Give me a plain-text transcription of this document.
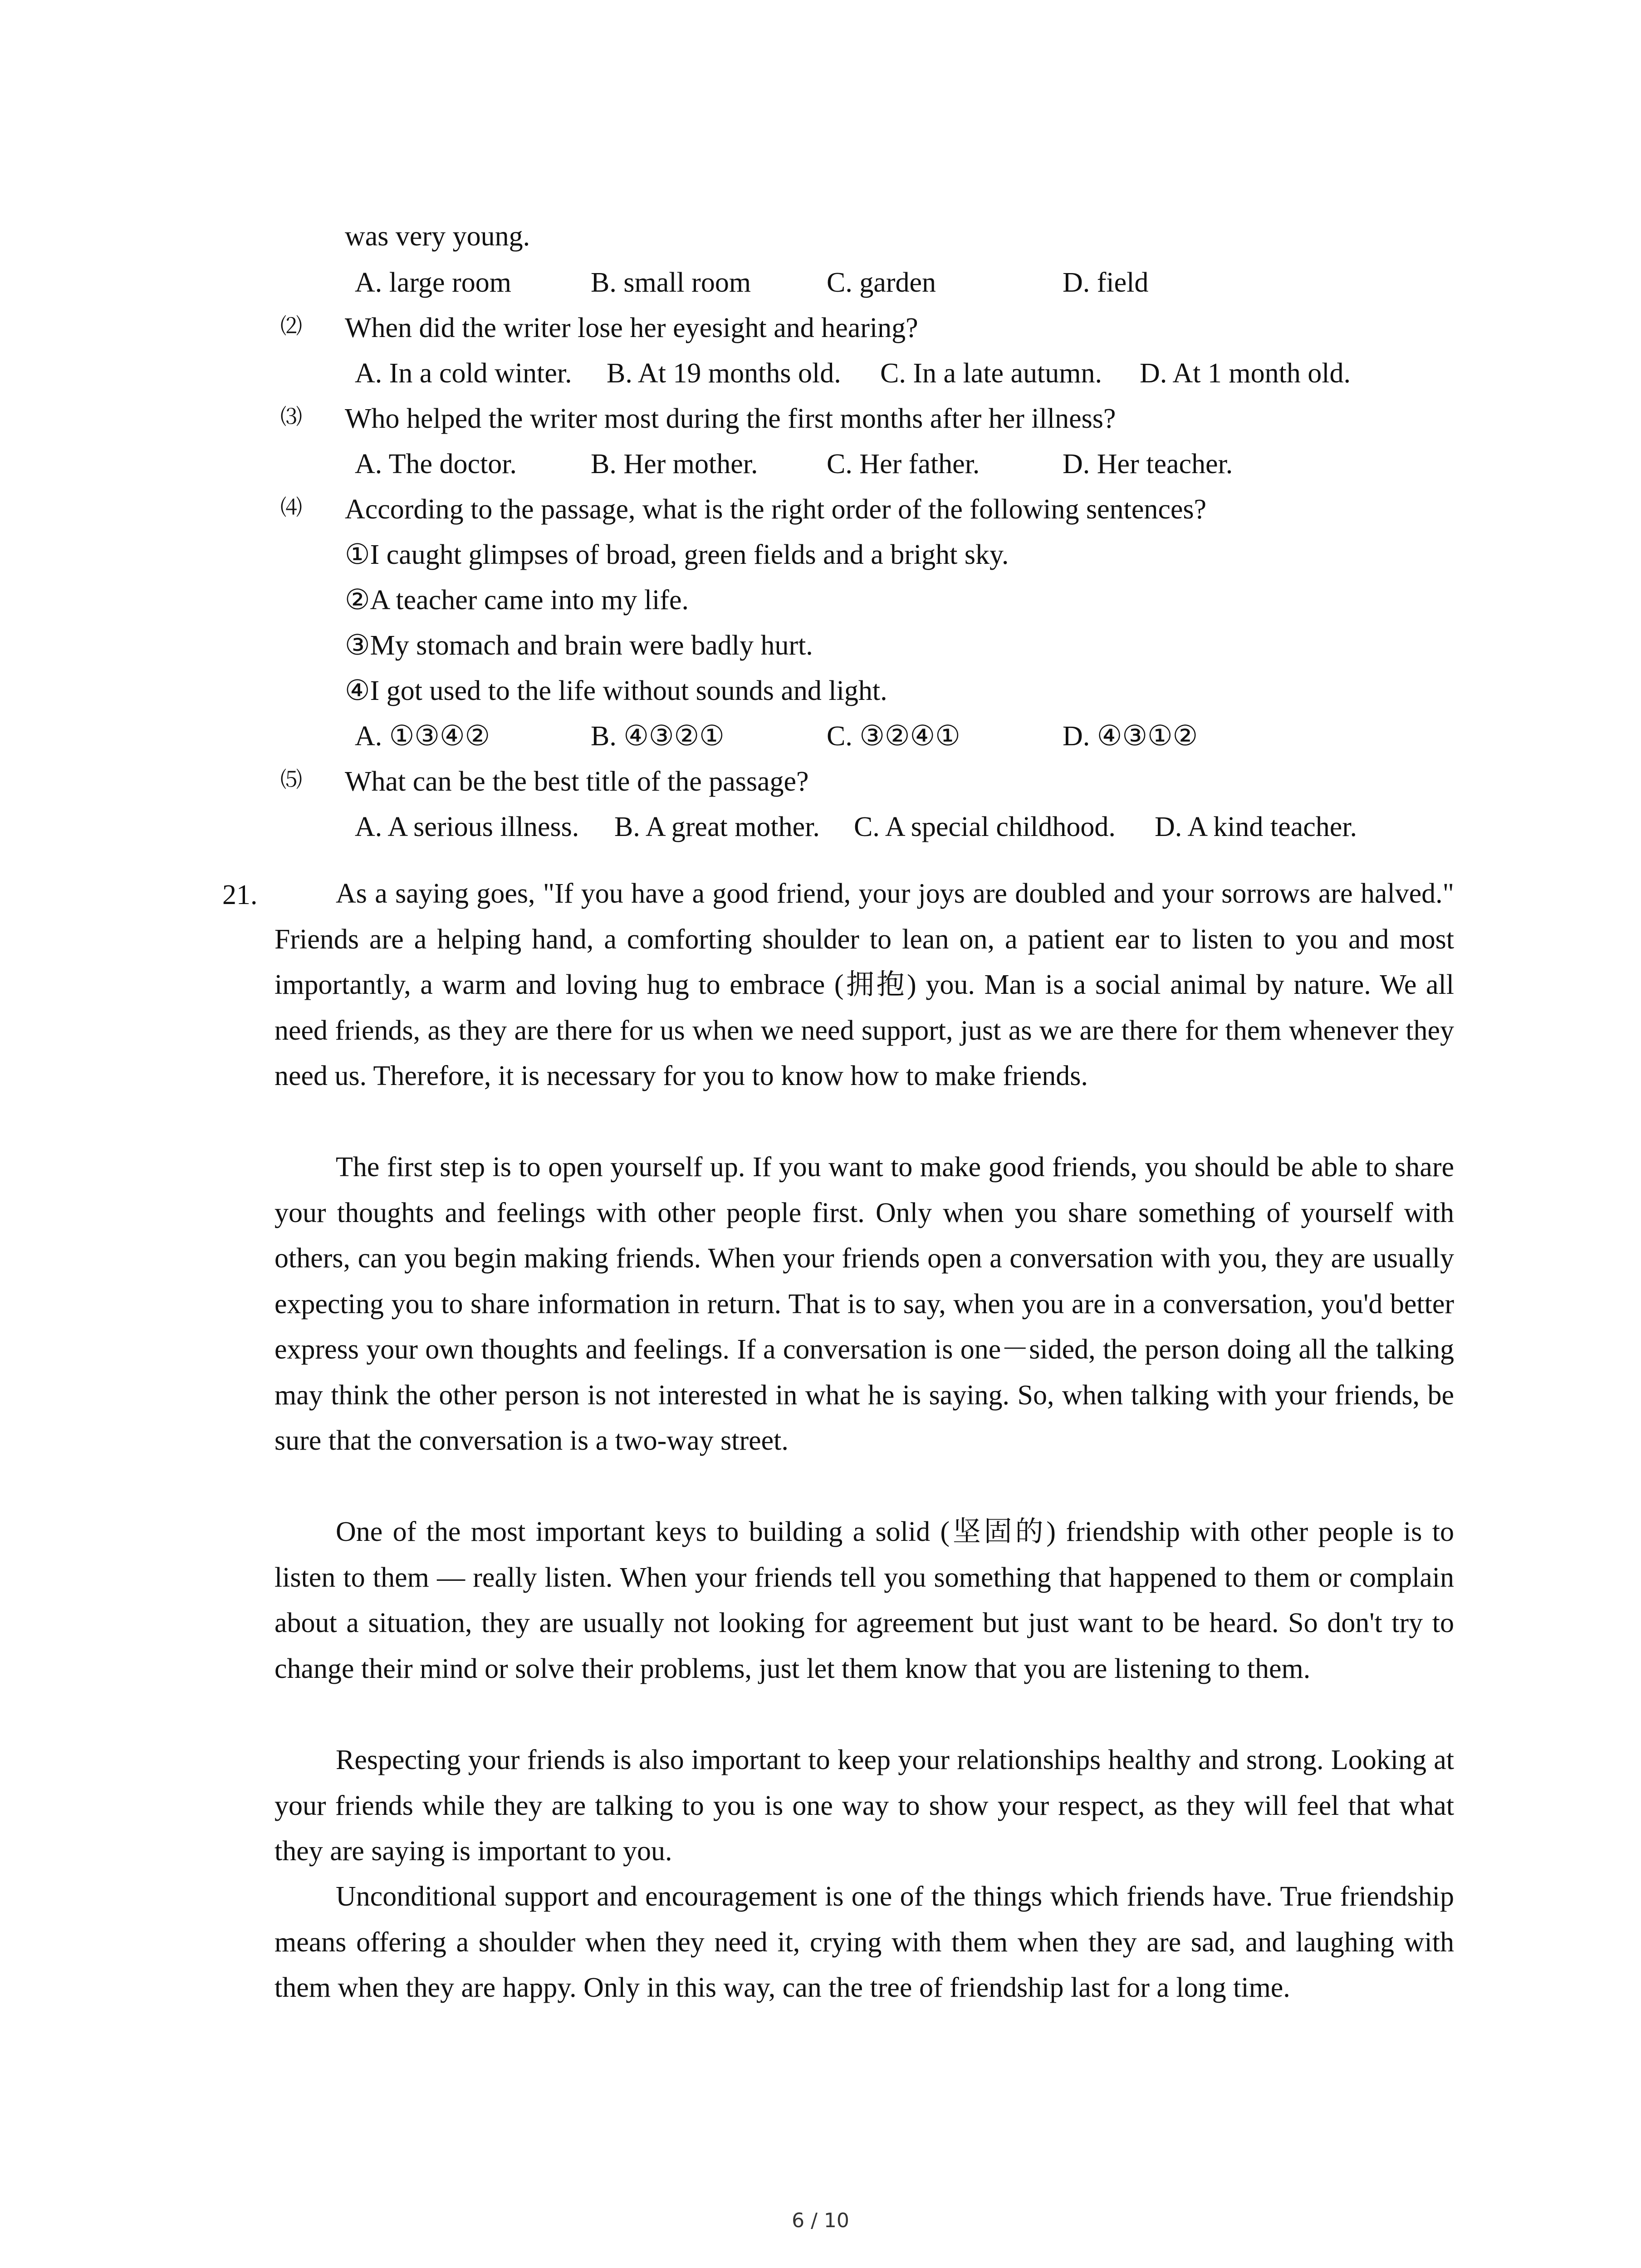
was very young.
A. large room	B. small room	C. garden	D. field
⑵ When did the writer lose her eyesight and hearing?
A. In a cold winter. B. At 19 months old. C. In a late autumn. D. At 1 month old.
⑶ Who helped the writer most during the first months after her illness?
A. The doctor.	B. Her mother. C. Her father.	D. Her teacher.
⑷ According to the passage, what is the right order of the following sentences?
①I caught glimpses of broad, green fields and a bright sky.
②A teacher came into my life.
③My stomach and brain were badly hurt.
④I got used to the life without sounds and light.
A. ①③④②	B. ④③②①	C. ③②④①	D. ④③①②
⑸ What can be the best title of the passage?
A. A serious illness. B. A great mother. C. A special childhood. D. A kind teacher.
21.	As a saying goes, "If you have a good friend, your joys are doubled and your sorrows are halved." Friends are a helping hand, a comforting shoulder to lean on, a patient ear to listen to you and most importantly, a warm and loving hug to embrace (拥抱) you. Man is a social animal by nature. We all need friends, as they are there for us when we need support, just as we are there for them whenever they need us. Therefore, it is necessary for you to know how to make friends.
The first step is to open yourself up. If you want to make good friends, you should be able to share your thoughts and feelings with other people first. Only when you share something of yourself with others, can you begin making friends. When your friends open a conversation with you, they are usually expecting you to share information in return. That is to say, when you are in a conversation, you'd better express your own thoughts and feelings. If a conversation is one－sided, the person doing all the talking may think the other person is not interested in what he is saying. So, when talking with your friends, be sure that the conversation is a two-way street.
One of the most important keys to building a solid (坚固的) friendship with other people is to listen to them — really listen. When your friends tell you something that happened to them or complain about a situation, they are usually not looking for agreement but just want to be heard. So don't try to change their mind or solve their problems, just let them know that you are listening to them.
Respecting your friends is also important to keep your relationships healthy and strong. Looking at your friends while they are talking to you is one way to show your respect, as they will feel that what they are saying is important to you.
Unconditional support and encouragement is one of the things which friends have. True friendship means offering a shoulder when they need it, crying with them when they are sad, and laughing with them when they are happy. Only in this way, can the tree of friendship last for a long time.
6 / 10
